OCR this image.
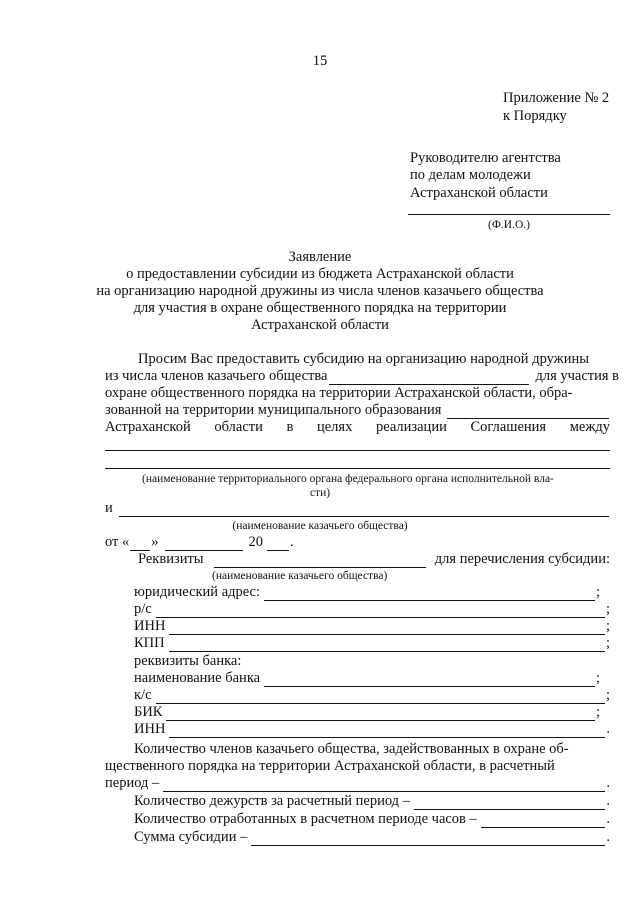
15
Приложение № 2
к Порядку
Руководителю агентства
по делам молодежи
Астраханской области
(Ф.И.О.)
Заявление
о предоставлении субсидии из бюджета Астраханской области
на организацию народной дружины из числа членов казачьего общества
для участия в охране общественного порядка на территории
Астраханской области
Просим Вас предоставить субсидию на организацию народной дружины
из числа членов казачьего общества	для участия в
охране общественного порядка на территории Астраханской области, обра-
зованной на территории муниципального образования
Астраханской области в целях реализации Соглашения между
(наименование территориального органа федерального органа исполнительной вла-
сти)
и
(наименование казачьего общества)
от « »	20 .
Реквизиты	для перечисления субсидии:
(наименование казачьего общества)
юридический адрес:	;
р/с	;
ИНН	;
КПП	;
реквизиты банка:
наименование банка	;
к/с	;
БИК	;
ИНН	.
Количество членов казачьего общества, задействованных в охране об-
щественного порядка на территории Астраханской области, в расчетный
период –	.
Количество дежурств за расчетный период –	.
Количество отработанных в расчетном периоде часов –	.
Сумма субсидии –	.
